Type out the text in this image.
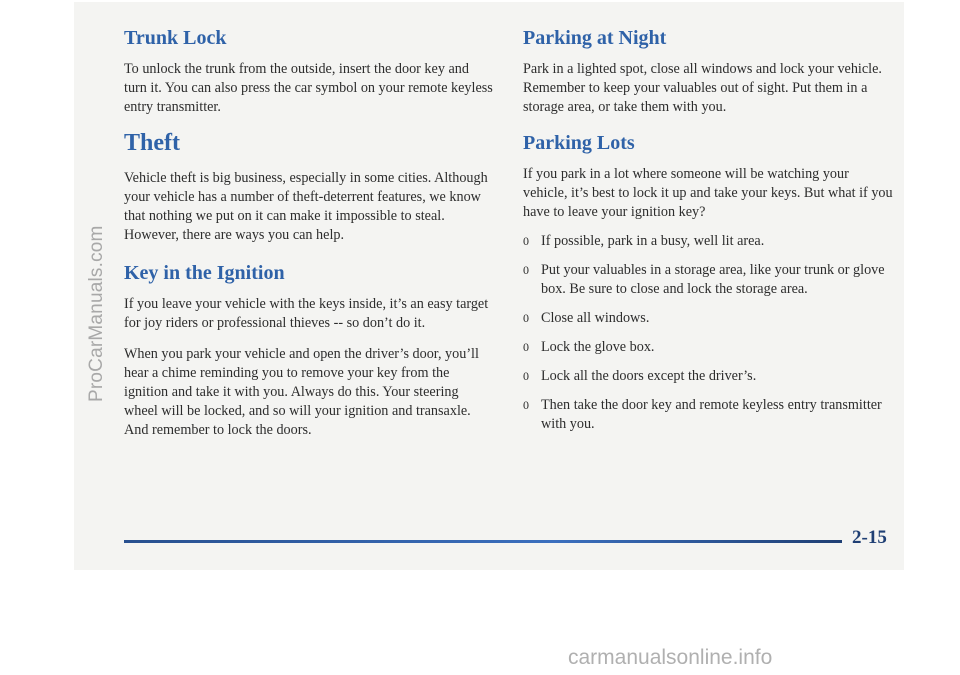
ProCarManuals.com
Trunk Lock

To unlock the trunk from the outside, insert the door key and turn it. You can also press the car symbol on your remote keyless entry transmitter.

Theft

Vehicle theft is big business, especially in some cities. Although your vehicle has a number of theft-deterrent features, we know that nothing we put on it can make it impossible to steal. However, there are ways you can help.

Key in the Ignition

If you leave your vehicle with the keys inside, it’s an easy target for joy riders or professional thieves -- so don’t do it.

When you park your vehicle and open the driver’s door, you’ll hear a chime reminding you to remove your key from the ignition and take it with you. Always do this. Your steering wheel will be locked, and so will your ignition and transaxle. And remember to lock the doors.

Parking at Night

Park in a lighted spot, close all windows and lock your vehicle. Remember to keep your valuables out of sight. Put them in a storage area, or take them with you.

Parking Lots

If you park in a lot where someone will be watching your vehicle, it’s best to lock it up and take your keys. But what if you have to leave your ignition key?

0 If possible, park in a busy, well lit area.
0 Put your valuables in a storage area, like your trunk or glove box. Be sure to close and lock the storage area.
0 Close all windows.
0 Lock the glove box.
0 Lock all the doors except the driver’s.
0 Then take the door key and remote keyless entry transmitter with you.
2-15
carmanualsonline.info
